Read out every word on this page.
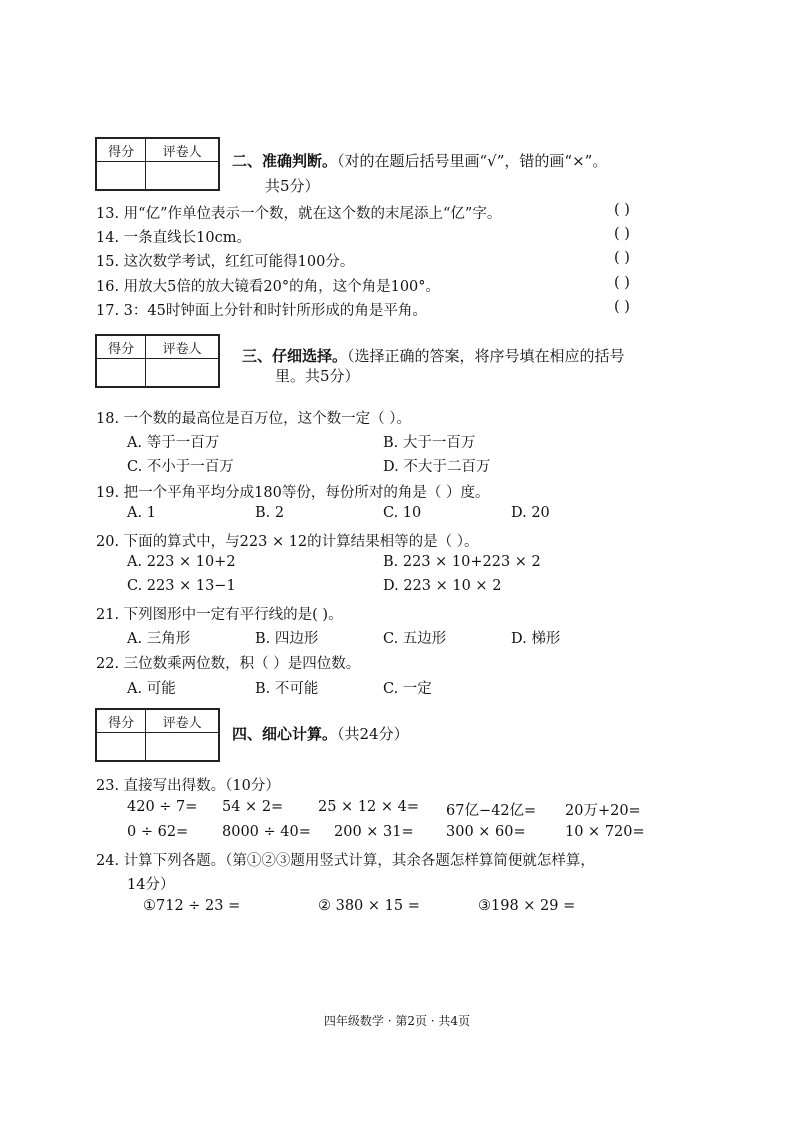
得分	评卷人
	二、准确判断。（对的在题后括号里画“√”，错的画“×”。
共5分）
13. 用“亿”作单位表示一个数，就在这个数的末尾添上“亿”字。	( )
14. 一条直线长10cm。	( )
15. 这次数学考试，红红可能得100分。	( )
16. 用放大5倍的放大镜看20°的角，这个角是100°。	( )
17. 3：45时钟面上分针和时针所形成的角是平角。	( )
得分	评卷人
		三、仔细选择。（选择正确的答案，将序号填在相应的括号
里。共5分）
18. 一个数的最高位是百万位，这个数一定（ ）。
A. 等于一百万	B. 大于一百万
C. 不小于一百万	D. 不大于二百万
19. 把一个平角平均分成180等份，每份所对的角是（ ）度。
A. 1	B. 2	C. 10	D. 20
20. 下面的算式中，与223 × 12的计算结果相等的是（ ）。
A. 223 × 10+2	B. 223 × 10+223 × 2
C. 223 × 13−1	D. 223 × 10 × 2
21. 下列图形中一定有平行线的是( )。
A. 三角形	B. 四边形	C. 五边形	D. 梯形
22. 三位数乘两位数，积（ ）是四位数。
A. 可能	B. 不可能	C. 一定
得分	评卷人

四、细心计算。（共24分）
23. 直接写出得数。（10分）
420 ÷ 7= 54 × 2= 25 × 12 × 4= 67亿−42亿= 20万+20=
0 ÷ 62= 8000 ÷ 40= 200 × 31= 300 × 60=	10 × 720=
24. 计算下列各题。（第①②③题用竖式计算，其余各题怎样算简便就怎样算，
14分）
①712 ÷ 23 =	② 380 × 15 =	③198 × 29 =
四年级数学 · 第2页 · 共4页
